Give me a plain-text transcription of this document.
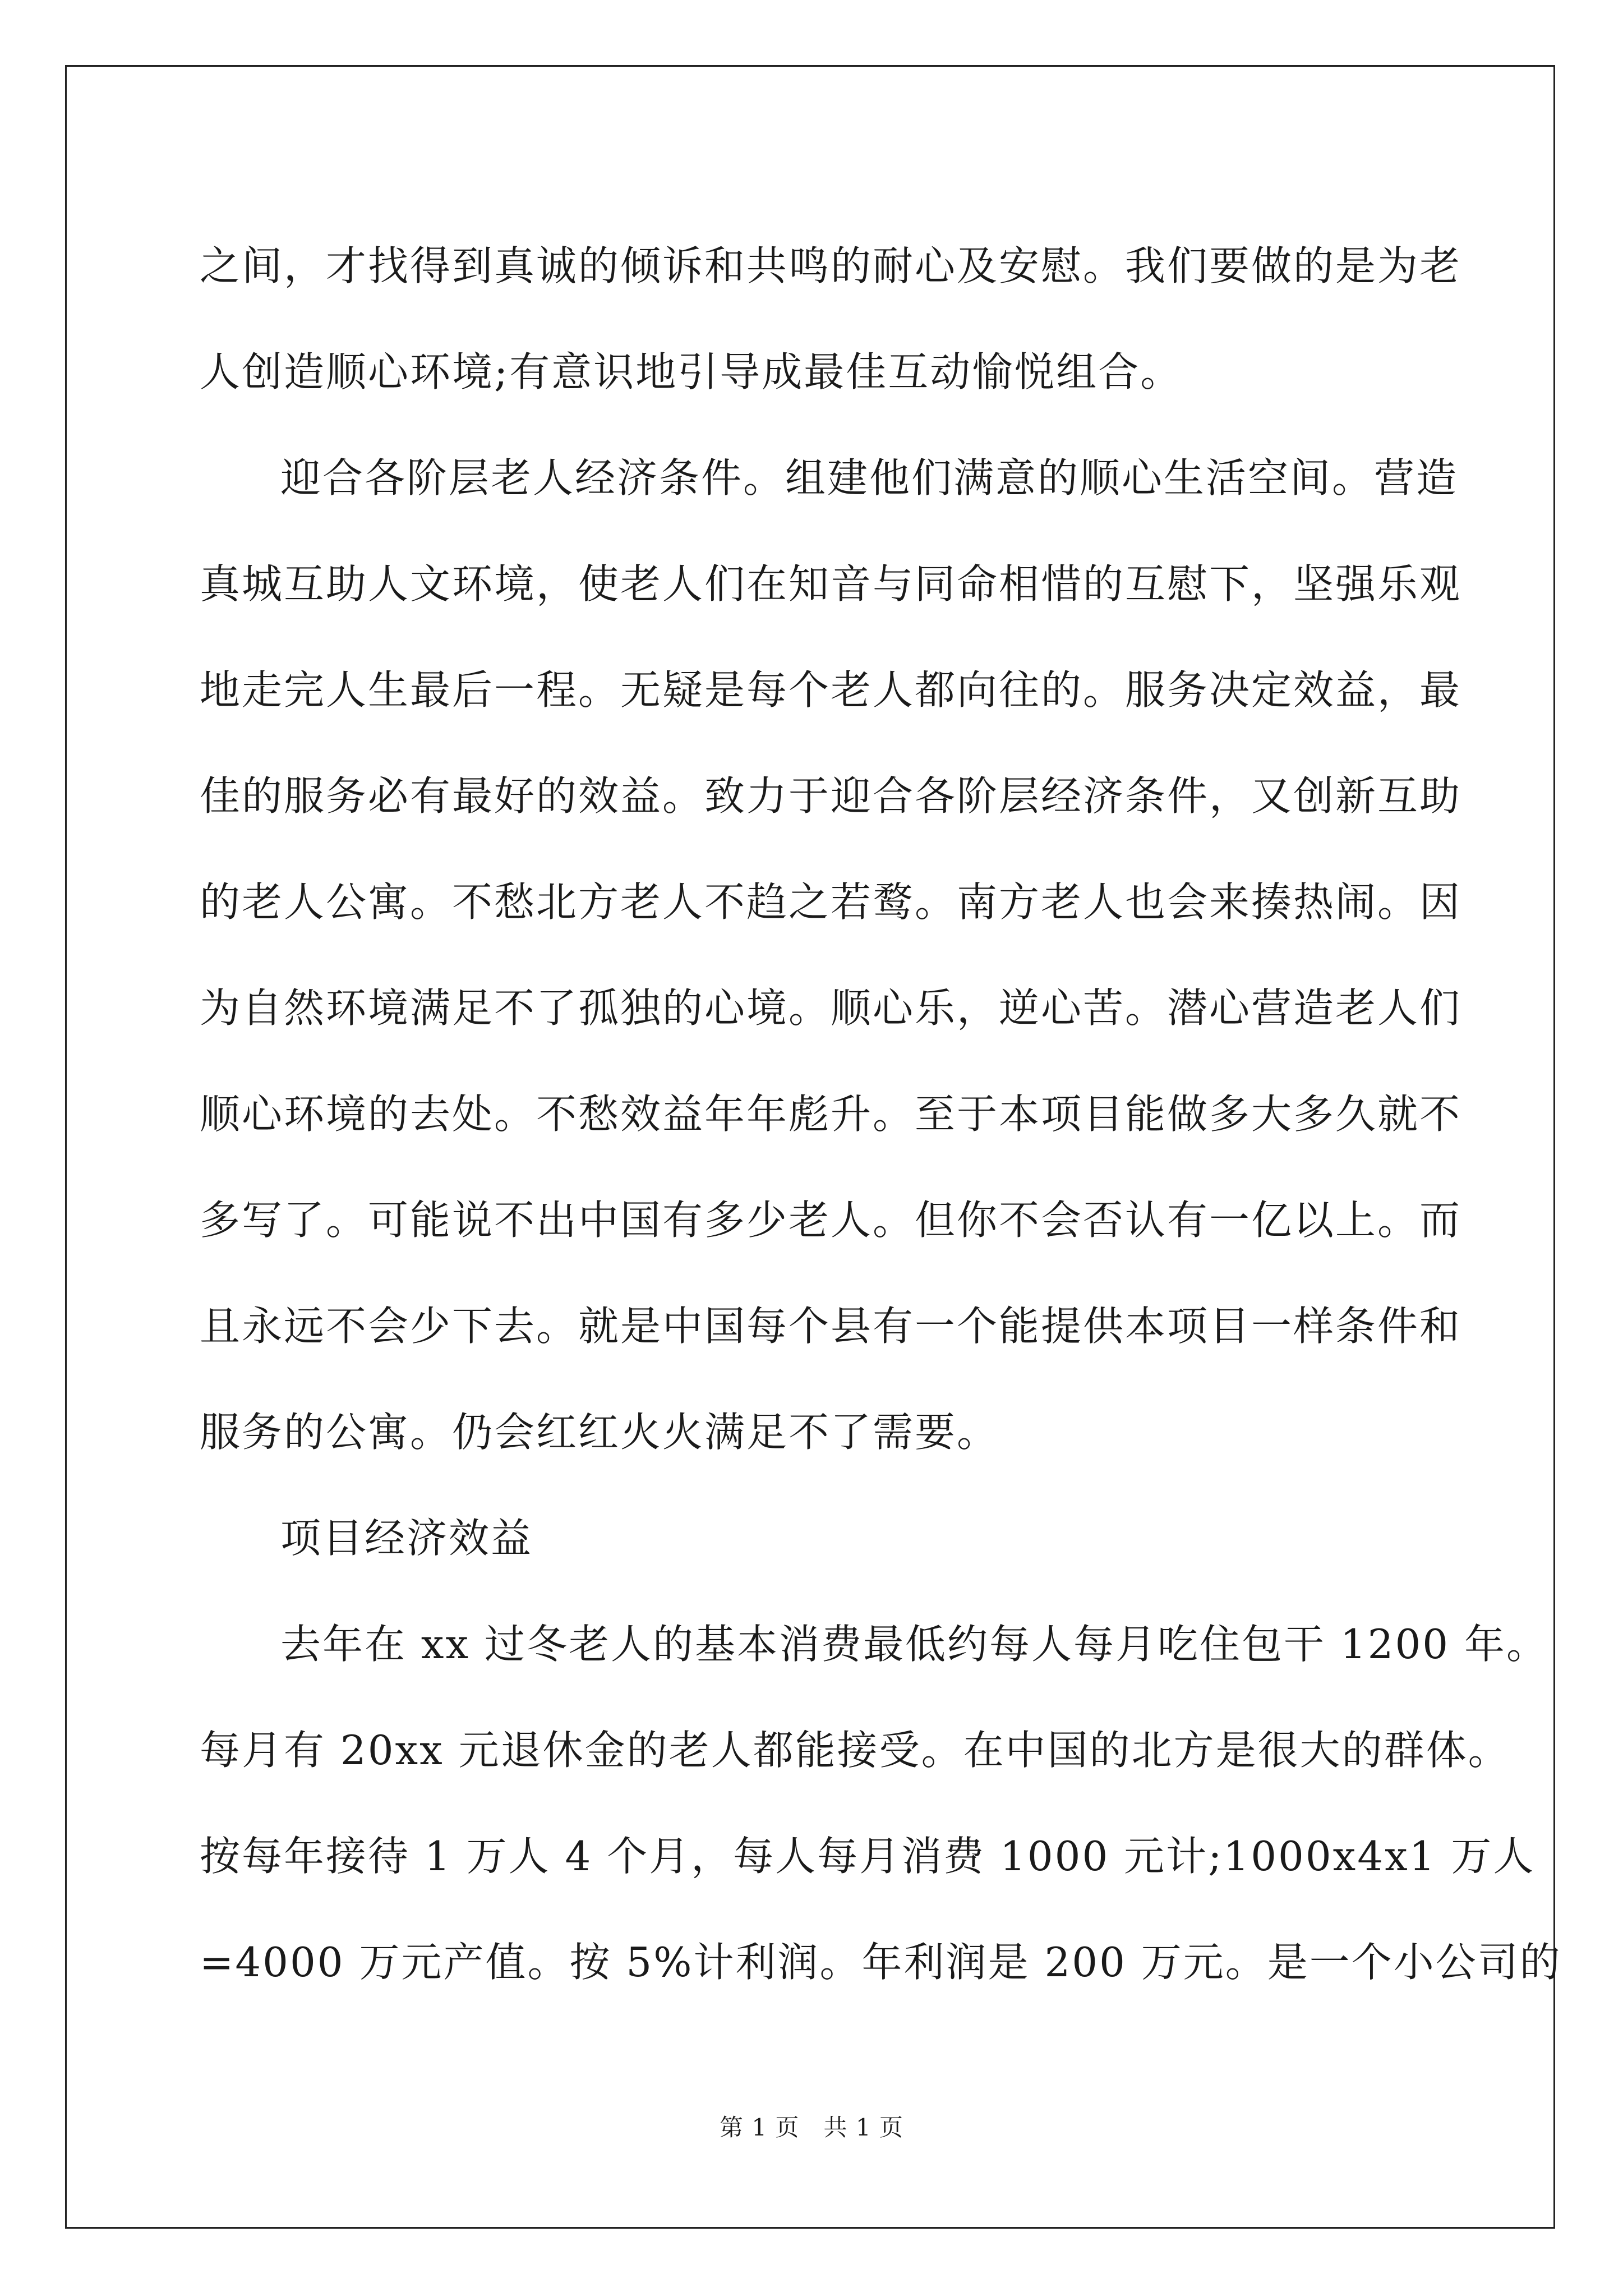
之间，才找得到真诚的倾诉和共鸣的耐心及安慰。我们要做的是为老
人创造顺心环境;有意识地引导成最佳互动愉悦组合。
迎合各阶层老人经济条件。组建他们满意的顺心生活空间。营造
真城互助人文环境，使老人们在知音与同命相惜的互慰下，坚强乐观
地走完人生最后一程。无疑是每个老人都向往的。服务决定效益，最
佳的服务必有最好的效益。致力于迎合各阶层经济条件，又创新互助
的老人公寓。不愁北方老人不趋之若鹜。南方老人也会来揍热闹。因
为自然环境满足不了孤独的心境。顺心乐，逆心苦。潜心营造老人们
顺心环境的去处。不愁效益年年彪升。至于本项目能做多大多久就不
多写了。可能说不出中国有多少老人。但你不会否认有一亿以上。而
且永远不会少下去。就是中国每个县有一个能提供本项目一样条件和
服务的公寓。仍会红红火火满足不了需要。
项目经济效益
去年在 xx 过冬老人的基本消费最低约每人每月吃住包干 1200 年。
每月有 20xx 元退休金的老人都能接受。在中国的北方是很大的群体。
按每年接待 1 万人 4 个月，每人每月消费 1000 元计;1000x4x1 万人
=4000 万元产值。按 5%计利润。年利润是 200 万元。是一个小公司的
第 1 页   共 1 页
